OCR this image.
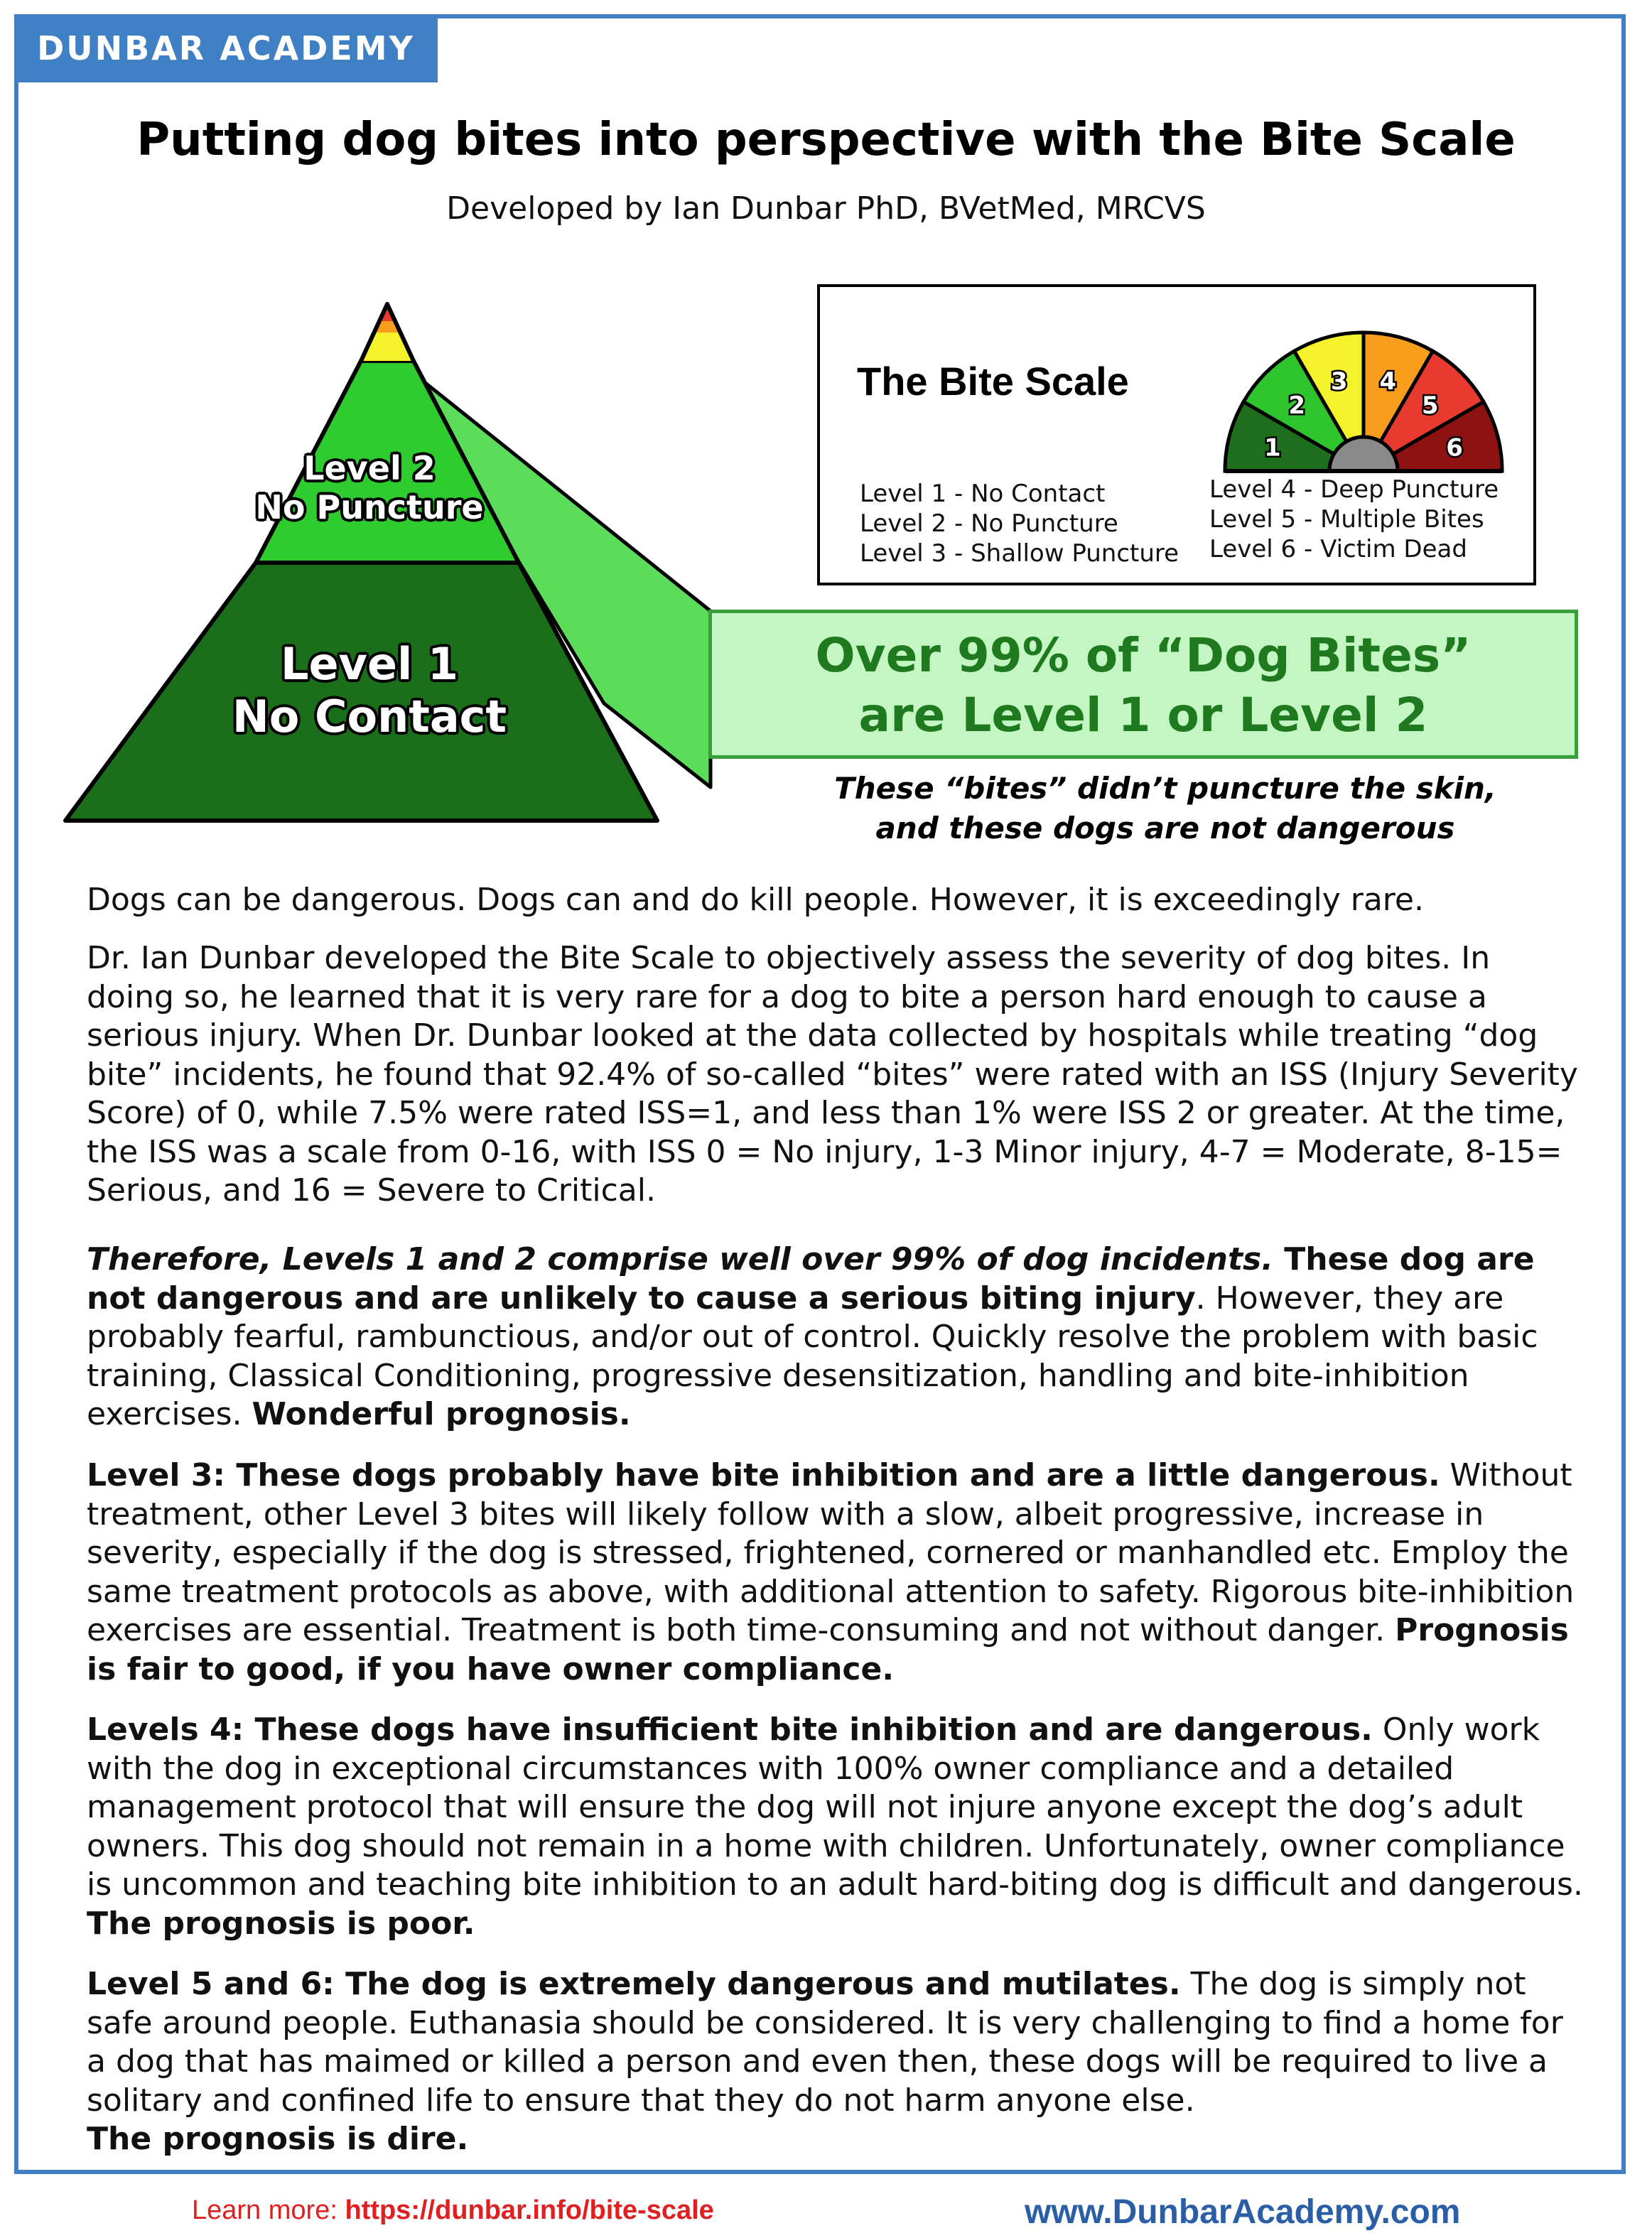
DUNBAR ACADEMY
Putting dog bites into perspective with the Bite Scale
Developed by Ian Dunbar PhD, BVetMed, MRCVS
Level 2
No Puncture
Level 1
No Contact
The Bite Scale
1
2
3 4
5
6
Level 1 - No Contact
Level 2 - No Puncture
Level 3 - Shallow Puncture
Level 4 - Deep Puncture
Level 5 - Multiple Bites
Level 6 - Victim Dead
Over 99% of “Dog Bites”
are Level 1 or Level 2
These “bites” didn’t puncture the skin,
and these dogs are not dangerous
Dogs can be dangerous. Dogs can and do kill people. However, it is exceedingly rare.
Dr. Ian Dunbar developed the Bite Scale to objectively assess the severity of dog bites. In doing so, he learned that it is very rare for a dog to bite a person hard enough to cause a serious injury. When Dr. Dunbar looked at the data collected by hospitals while treating “dog bite” incidents, he found that 92.4% of so-called “bites” were rated with an ISS (Injury Severity Score) of 0, while 7.5% were rated ISS=1, and less than 1% were ISS 2 or greater. At the time, the ISS was a scale from 0-16, with ISS 0 = No injury, 1-3 Minor injury, 4-7 = Moderate, 8-15= Serious, and 16 = Severe to Critical.
Therefore, Levels 1 and 2 comprise well over 99% of dog incidents. These dog are not dangerous and are unlikely to cause a serious biting injury. However, they are probably fearful, rambunctious, and/or out of control. Quickly resolve the problem with basic training, Classical Conditioning, progressive desensitization, handling and bite-inhibition exercises. Wonderful prognosis.
Level 3: These dogs probably have bite inhibition and are a little dangerous. Without treatment, other Level 3 bites will likely follow with a slow, albeit progressive, increase in severity, especially if the dog is stressed, frightened, cornered or manhandled etc. Employ the same treatment protocols as above, with additional attention to safety. Rigorous bite-inhibition exercises are essential. Treatment is both time-consuming and not without danger. Prognosis is fair to good, if you have owner compliance.
Levels 4: These dogs have insufficient bite inhibition and are dangerous. Only work with the dog in exceptional circumstances with 100% owner compliance and a detailed management protocol that will ensure the dog will not injure anyone except the dog’s adult owners. This dog should not remain in a home with children. Unfortunately, owner compliance is uncommon and teaching bite inhibition to an adult hard-biting dog is difficult and dangerous. The prognosis is poor.
Level 5 and 6: The dog is extremely dangerous and mutilates. The dog is simply not safe around people. Euthanasia should be considered. It is very challenging to find a home for a dog that has maimed or killed a person and even then, these dogs will be required to live a solitary and confined life to ensure that they do not harm anyone else.
The prognosis is dire.
Learn more: https://dunbar.info/bite-scale	www.DunbarAcademy.com
